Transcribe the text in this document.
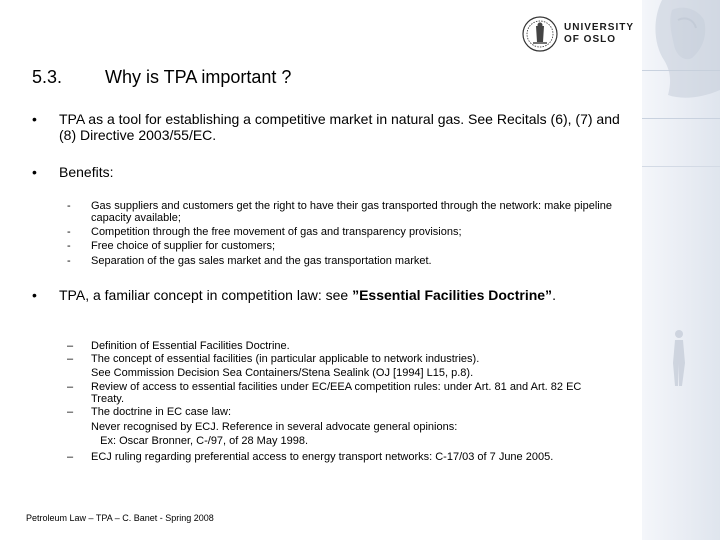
UNIVERSITY
OF OSLO
5.3. Why is TPA important ?
• TPA as a tool for establishing a competitive market in natural gas. See Recitals (6), (7) and (8) Directive 2003/55/EC.
• Benefits:
- Gas suppliers and customers get the right to have their gas transported through the network: make pipeline capacity available;
- Competition through the free movement of gas and transparency provisions;
- Free choice of supplier for customers;
- Separation of the gas sales market and the gas transportation market.
• TPA, a familiar concept in competition law: see ”Essential Facilities Doctrine”.
– Definition of Essential Facilities Doctrine.
– The concept of essential facilities (in particular applicable to network industries).
See Commission Decision Sea Containers/Stena Sealink (OJ [1994] L15, p.8).
– Review of access to essential facilities under EC/EEA competition rules: under Art. 81 and Art. 82 EC Treaty.
– The doctrine in EC case law:
Never recognised by ECJ. Reference in several advocate general opinions:
Ex: Oscar Bronner, C-/97, of 28 May 1998.
– ECJ ruling regarding preferential access to energy transport networks: C-17/03 of 7 June 2005.
Petroleum Law – TPA – C. Banet - Spring 2008
